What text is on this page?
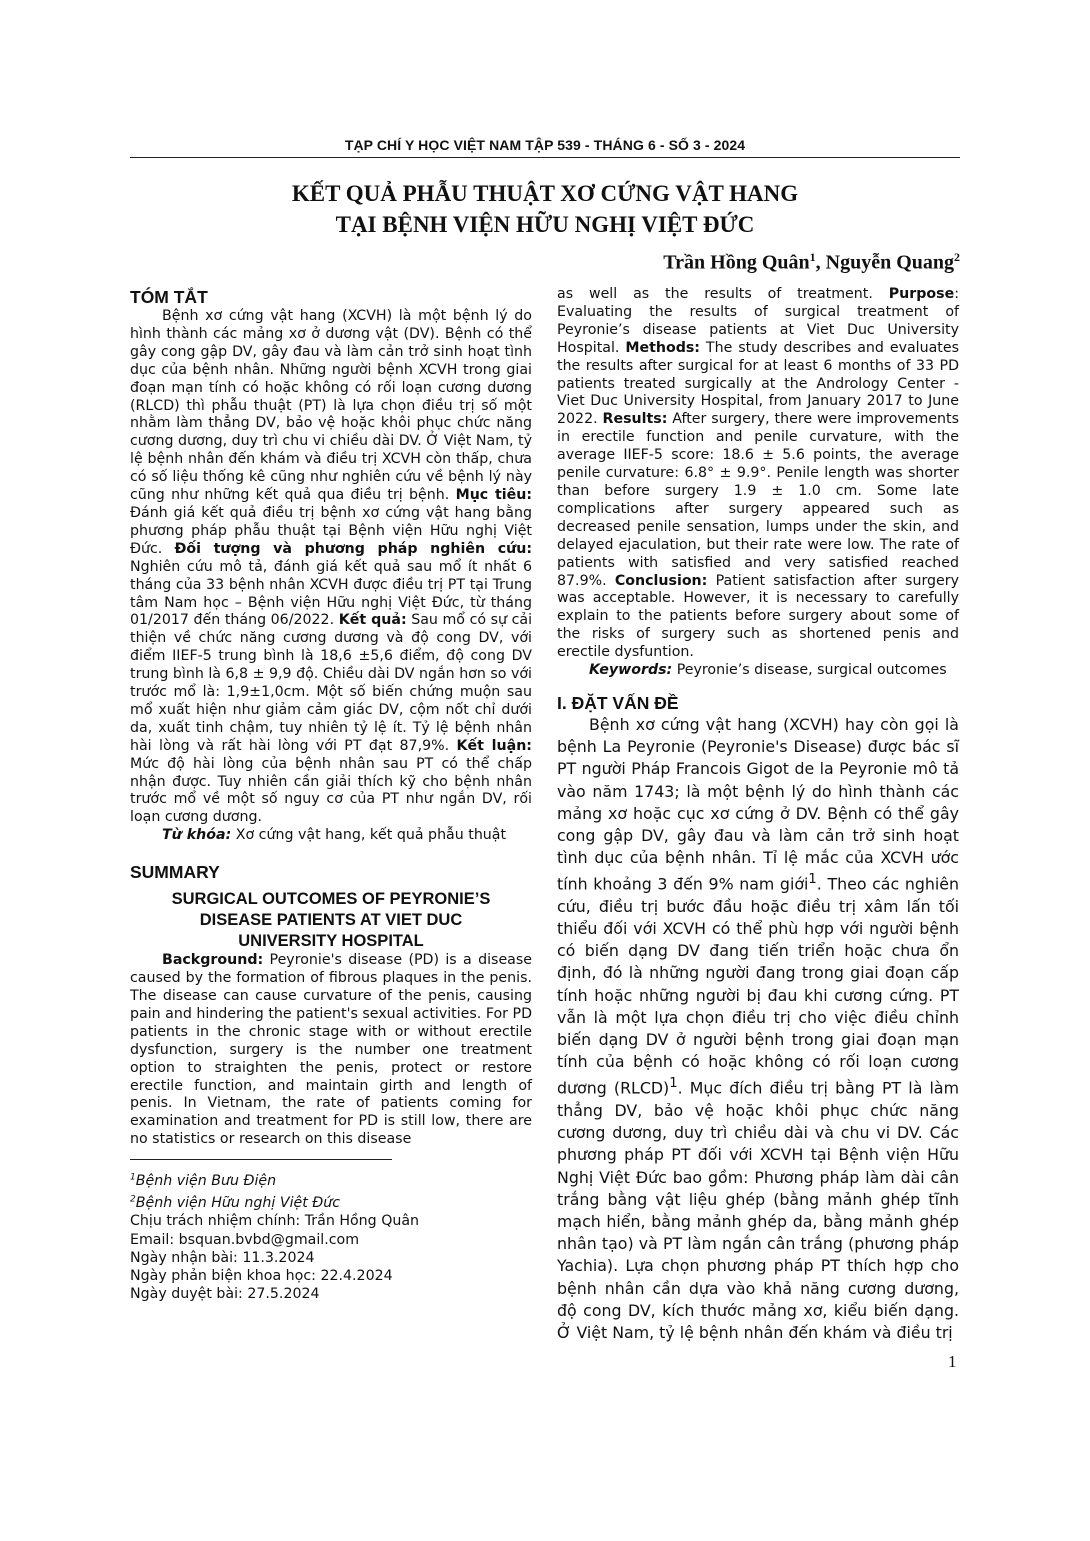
TẠP CHÍ Y HỌC VIỆT NAM TẬP 539 - THÁNG 6 - SỐ 3 - 2024
KẾT QUẢ PHẪU THUẬT XƠ CỨNG VẬT HANG
TẠI BỆNH VIỆN HỮU NGHỊ VIỆT ĐỨC
Trần Hồng Quân$^1$, Nguyễn Quang$^2$
TÓM TẮT

Bệnh xơ cứng vật hang (XCVH) là một bệnh lý do hình thành các mảng xơ ở dương vật (DV). Bệnh có thể gây cong gập DV, gây đau và làm cản trở sinh hoạt tình dục của bệnh nhân. Những người bệnh XCVH trong giai đoạn mạn tính có hoặc không có rối loạn cương dương (RLCD) thì phẫu thuật (PT) là lựa chọn điều trị số một nhằm làm thẳng DV, bảo vệ hoặc khôi phục chức năng cương dương, duy trì chu vi chiều dài DV. Ở Việt Nam, tỷ lệ bệnh nhân đến khám và điều trị XCVH còn thấp, chưa có số liệu thống kê cũng như nghiên cứu về bệnh lý này cũng như những kết quả qua điều trị bệnh. Mục tiêu: Đánh giá kết quả điều trị bệnh xơ cứng vật hang bằng phương pháp phẫu thuật tại Bệnh viện Hữu nghị Việt Đức. Đối tượng và phương pháp nghiên cứu: Nghiên cứu mô tả, đánh giá kết quả sau mổ ít nhất 6 tháng của 33 bệnh nhân XCVH được điều trị PT tại Trung tâm Nam học – Bệnh viện Hữu nghị Việt Đức, từ tháng 01/2017 đến tháng 06/2022. Kết quả: Sau mổ có sự cải thiện về chức năng cương dương và độ cong DV, với điểm IIEF-5 trung bình là 18,6 ±5,6 điểm, độ cong DV trung bình là 6,8 ± 9,9 độ. Chiều dài DV ngắn hơn so với trước mổ là: 1,9±1,0cm. Một số biến chứng muộn sau mổ xuất hiện như giảm cảm giác DV, cộm nốt chỉ dưới da, xuất tinh chậm, tuy nhiên tỷ lệ ít. Tỷ lệ bệnh nhân hài lòng và rất hài lòng với PT đạt 87,9%. Kết luận: Mức độ hài lòng của bệnh nhân sau PT có thể chấp nhận được. Tuy nhiên cần giải thích kỹ cho bệnh nhân trước mổ về một số nguy cơ của PT như ngắn DV, rối loạn cương dương.

Từ khóa: Xơ cứng vật hang, kết quả phẫu thuật

SUMMARY
SURGICAL OUTCOMES OF PEYRONIE’S
DISEASE PATIENTS AT VIET DUC
UNIVERSITY HOSPITAL

Background: Peyronie's disease (PD) is a disease caused by the formation of fibrous plaques in the penis. The disease can cause curvature of the penis, causing pain and hindering the patient's sexual activities. For PD patients in the chronic stage with or without erectile dysfunction, surgery is the number one treatment option to straighten the penis, protect or restore erectile function, and maintain girth and length of penis. In Vietnam, the rate of patients coming for examination and treatment for PD is still low, there are no statistics or research on this disease

$^1$Bệnh viện Bưu Điện
$^2$Bệnh viện Hữu nghị Việt Đức
Chịu trách nhiệm chính: Trần Hồng Quân
Email: bsquan.bvbd@gmail.com
Ngày nhận bài: 11.3.2024
Ngày phản biện khoa học: 22.4.2024
Ngày duyệt bài: 27.5.2024

as well as the results of treatment. Purpose: Evaluating the results of surgical treatment of Peyronie’s disease patients at Viet Duc University Hospital. Methods: The study describes and evaluates the results after surgical for at least 6 months of 33 PD patients treated surgically at the Andrology Center - Viet Duc University Hospital, from January 2017 to June 2022. Results: After surgery, there were improvements in erectile function and penile curvature, with the average IIEF-5 score: 18.6 ± 5.6 points, the average penile curvature: 6.8° ± 9.9°. Penile length was shorter than before surgery 1.9 ± 1.0 cm. Some late complications after surgery appeared such as decreased penile sensation, lumps under the skin, and delayed ejaculation, but their rate were low. The rate of patients with satisfied and very satisfied reached 87.9%. Conclusion: Patient satisfaction after surgery was acceptable. However, it is necessary to carefully explain to the patients before surgery about some of the risks of surgery such as shortened penis and erectile dysfuntion.

Keywords: Peyronie’s disease, surgical outcomes

I. ĐẶT VẤN ĐỀ

Bệnh xơ cứng vật hang (XCVH) hay còn gọi là bệnh La Peyronie (Peyronie's Disease) được bác sĩ PT người Pháp Francois Gigot de la Peyronie mô tả vào năm 1743; là một bệnh lý do hình thành các mảng xơ hoặc cục xơ cứng ở DV. Bệnh có thể gây cong gập DV, gây đau và làm cản trở sinh hoạt tình dục của bệnh nhân. Tỉ lệ mắc của XCVH ước tính khoảng 3 đến 9% nam giới$^1$. Theo các nghiên cứu, điều trị bước đầu hoặc điều trị xâm lấn tối thiểu đối với XCVH có thể phù hợp với người bệnh có biến dạng DV đang tiến triển hoặc chưa ổn định, đó là những người đang trong giai đoạn cấp tính hoặc những người bị đau khi cương cứng. PT vẫn là một lựa chọn điều trị cho việc điều chỉnh biến dạng DV ở người bệnh trong giai đoạn mạn tính của bệnh có hoặc không có rối loạn cương dương (RLCD)$^1$. Mục đích điều trị bằng PT là làm thẳng DV, bảo vệ hoặc khôi phục chức năng cương dương, duy trì chiều dài và chu vi DV. Các phương pháp PT đối với XCVH tại Bệnh viện Hữu Nghị Việt Đức bao gồm: Phương pháp làm dài cân trắng bằng vật liệu ghép (bằng mảnh ghép tĩnh mạch hiển, bằng mảnh ghép da, bằng mảnh ghép nhân tạo) và PT làm ngắn cân trắng (phương pháp Yachia). Lựa chọn phương pháp PT thích hợp cho bệnh nhân cần dựa vào khả năng cương dương, độ cong DV, kích thước mảng xơ, kiểu biến dạng. Ở Việt Nam, tỷ lệ bệnh nhân đến khám và điều trị

1
